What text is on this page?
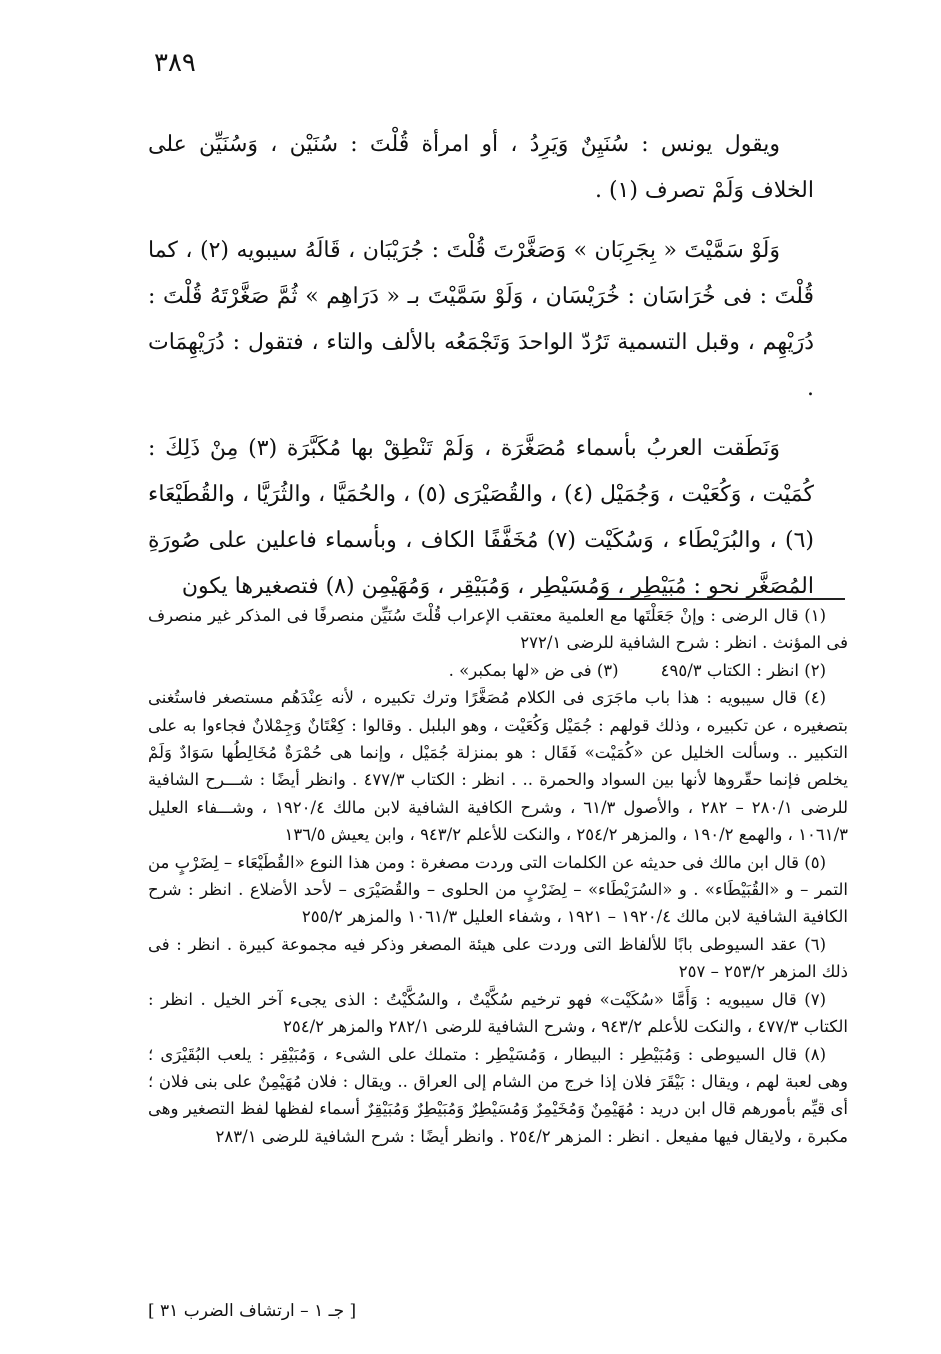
٣٨٩

ويقول يونس : سُنَيِنٌ وَيَرِدُ ، أو امرأة قُلْتَ : سُنَيْن ، وَسُنَيِّن على الخلاف وَلَمْ تصرف (١) .

وَلَوْ سَمَّيْتَ « بِجَرِبَان » وَصَغَّرْتَ قُلْتَ : جُرَيْبَان ، قَالَهُ سيبويه (٢) ، كما قُلْتَ : فى خُرَاسَان : خُرَيْسَان ، وَلَوْ سَمَّيْتَ بـ « دَرَاهِم » ثُمَّ صَغَّرْتَهُ قُلْتَ : دُرَيْهِم ، وقبل التسمية تَرُدّ الواحدَ وَتَجْمَعُه بالألف والتاء ، فتقول : دُرَيْهِمَات .

وَنَطَقت العربُ بأسماء مُصَغَّرَة ، وَلَمْ تَنْطِقْ بها مُكَبَّرَة (٣) مِنْ ذَلِكَ : كُمَيْت ، وَكُعَيْت ، وَجُمَيْل (٤) ، والقُصَيْرَى (٥) ، والحُمَيَّا ، والثُرَيَّا ، والقُطَيْعَاء (٦) ، والبُرَيْطَاء ، وَسُكَيْت (٧) مُخَفَّفًا الكاف ، وبأسماء فاعلين على صُورَةِ المُصَغَّر نحو : مُبَيْطِر ، وَمُسَيْطِر ، وَمُبَيْقِر ، وَمُهَيْمِن (٨) فتصغيرها يكون

(١) قال الرضى : وإنْ جَعَلْتَها مع العلمية معتقب الإعراب قُلْتَ سُنَيِّن منصرفًا فى المذكر غير منصرف فى المؤنث . انظر : شرح الشافية للرضى ٢٧٢/١

(٢) انظر : الكتاب ٤٩٥/٣
(٣) فى ض «لها بمكبر» .

(٤) قال سيبويه : هذا باب ماجَرَى فى الكلام مُصَغَّرًا وترك تكبيره ، لأنه عِنْدَهُم مستصغر فاستُغنى بتصغيره ، عن تكبيره ، وذلك قولهم : جُمَيْل وَكُعَيْت ، وهو البلبل . وقالوا : كِعْتَانٌ وَجِمْلانٌ فجاءوا به على التكبير .. وسألت الخليل عن «كُمَيْت» فَقَال : هو بمنزلة جُمَيْل ، وإنما هى حُمْرَةٌ مُخَالِطُها سَوَادٌ وَلَمْ يخلص فإنما حقّروها لأنها بين السواد والحمرة .. . انظر : الكتاب ٤٧٧/٣ . وانظر أيضًا : شـــرح الشافية للرضى ٢٨٠/١ – ٢٨٢ ، والأصول ٦١/٣ ، وشرح الكافية الشافية لابن مالك ١٩٢٠/٤ ، وشـــفاء العليل ١٠٦١/٣ ، والهمع ١٩٠/٢ ، والمزهر ٢٥٤/٢ ، والنكت للأعلم ٩٤٣/٢ ، وابن يعيش ١٣٦/٥

(٥) قال ابن مالك فى حديثه عن الكلمات التى وردت مصغرة : ومن هذا النوع «القُطَيْعَاء – لِضَرْبٍ من التمر – و «القُبَيْطَاء» . و «السُرَيْطَاء» – لِضَرْبٍ من الحلوى – والقُصَيْرَى – لأحد الأضلاع . انظر : شرح الكافية الشافية لابن مالك ١٩٢٠/٤ – ١٩٢١ ، وشفاء العليل ١٠٦١/٣ والمزهر ٢٥٥/٢

(٦) عقد السيوطى بابًا للألفاظ التى وردت على هيئة المصغر وذكر فيه مجموعة كبيرة . انظر : فى ذلك المزهر ٢٥٣/٢ – ٢٥٧

(٧) قال سيبويه : وَأَمَّا «سُكَيْت» فهو ترخيم سُكَّيْتٌ ، والسُكَّيْتُ : الذى يجىء آخر الخيل . انظر : الكتاب ٤٧٧/٣ ، والنكت للأعلم ٩٤٣/٢ ، وشرح الشافية للرضى ٢٨٢/١ والمزهر ٢٥٤/٢

(٨) قال السيوطى : وَمُبَيْطِر : البيطار ، وَمُسَيْطِر : متملك على الشىء ، وَمُبَيْقِر : يلعب البُقَيْرَى ؛ وهى لعبة لهم ، ويقال : بَيْقَرَ فلان إذا خرج من الشام إلى العراق .. ويقال : فلان مُهَيْمِنٌ على بنى فلان ؛ أى قيِّم بأمورهم قال ابن دريد : مُهَيْمِنٌ وَمُخَيْمِرٌ وَمُسَيْطِرٌ وَمُبَيْطِرٌ وَمُبَيْقِرٌ أسماء لفظها لفظ التصغير وهى مكبرة ، ولايقال فيها مفيعل . انظر : المزهر ٢٥٤/٢ . وانظر أيضًا : شرح الشافية للرضى ٢٨٣/١

[ جـ ١ – ارتشاف الضرب ٣١ ]
